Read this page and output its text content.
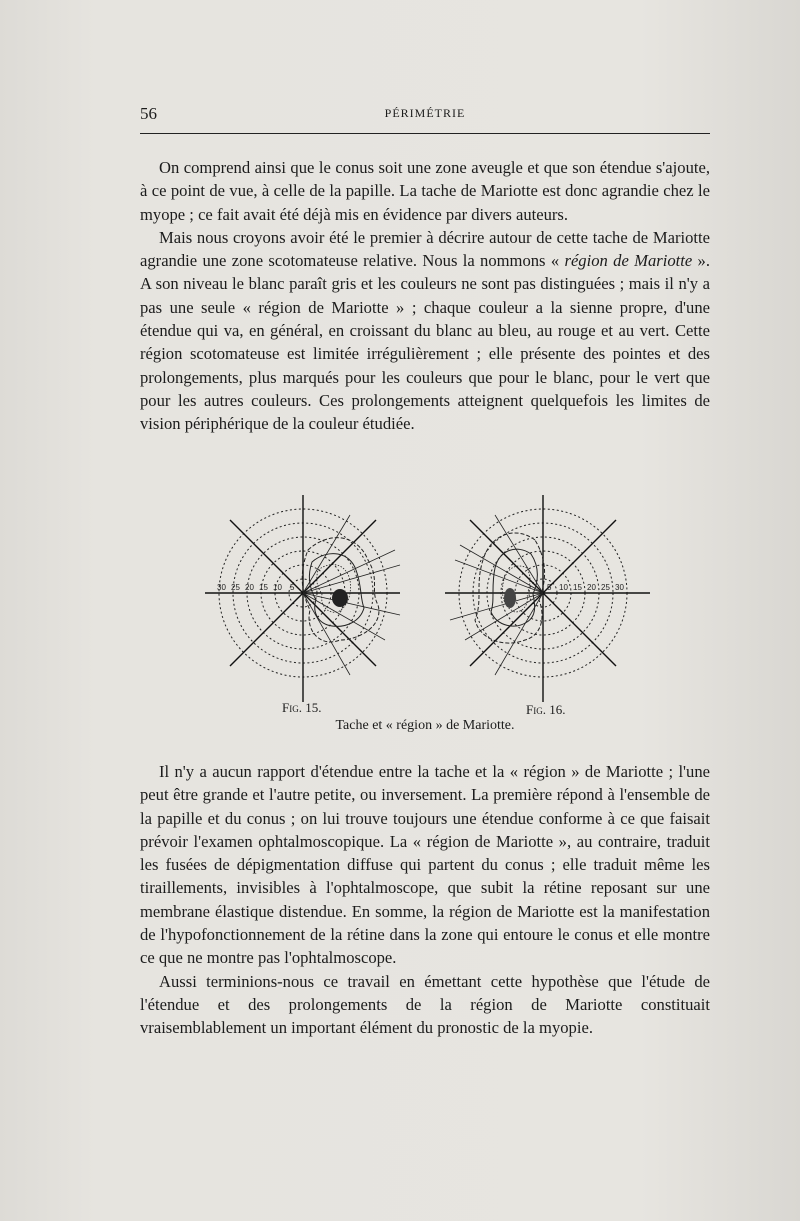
56	PÉRIMÉTRIE

On comprend ainsi que le conus soit une zone aveugle et que son étendue s'ajoute, à ce point de vue, à celle de la papille. La tache de Mariotte est donc agrandie chez le myope ; ce fait avait été déjà mis en évidence par divers auteurs.

Mais nous croyons avoir été le premier à décrire autour de cette tache de Mariotte agrandie une zone scotomateuse relative. Nous la nommons « région de Mariotte ». A son niveau le blanc paraît gris et les couleurs ne sont pas distinguées ; mais il n'y a pas une seule « région de Mariotte » ; chaque couleur a la sienne propre, d'une étendue qui va, en général, en croissant du blanc au bleu, au rouge et au vert. Cette région scotomateuse est limitée irrégulièrement ; elle présente des pointes et des prolongements, plus marqués pour les couleurs que pour le blanc, pour le vert que pour les autres couleurs. Ces prolongements atteignent quelquefois les limites de vision périphérique de la couleur étudiée.

30 25 20 15 10 5	5 10 15 20 25 30
Fig. 15.	Fig. 16.
Tache et « région » de Mariotte.

Il n'y a aucun rapport d'étendue entre la tache et la « région » de Mariotte ; l'une peut être grande et l'autre petite, ou inversement. La première répond à l'ensemble de la papille et du conus ; on lui trouve toujours une étendue conforme à ce que faisait prévoir l'examen ophtalmoscopique. La « région de Mariotte », au contraire, traduit les fusées de dépigmentation diffuse qui partent du conus ; elle traduit même les tiraillements, invisibles à l'ophtalmoscope, que subit la rétine reposant sur une membrane élastique distendue. En somme, la région de Mariotte est la manifestation de l'hypofonctionnement de la rétine dans la zone qui entoure le conus et elle montre ce que ne montre pas l'ophtalmoscope.

Aussi terminions-nous ce travail en émettant cette hypothèse que l'étude de l'étendue et des prolongements de la région de Mariotte constituait vraisemblablement un important élément du pronostic de la myopie.
